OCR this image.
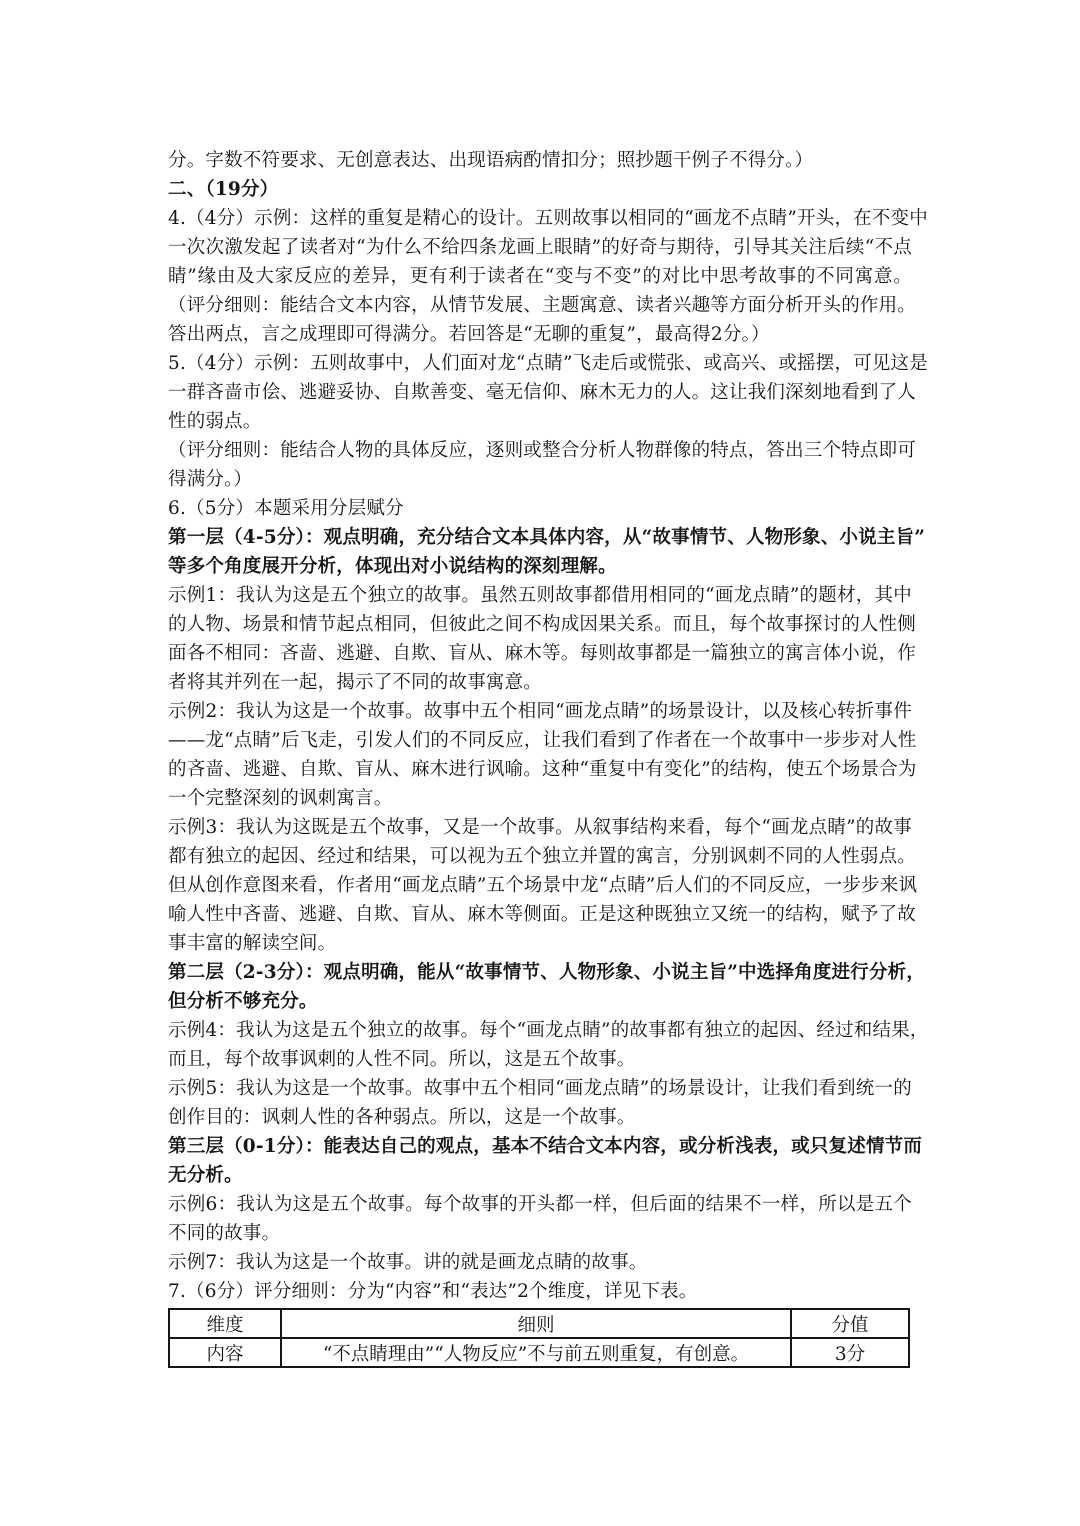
分。字数不符要求、无创意表达、出现语病酌情扣分；照抄题干例子不得分。）
二、（19分）
4.（4分）示例：这样的重复是精心的设计。五则故事以相同的“画龙不点睛”开头，在不变中
一次次激发起了读者对“为什么不给四条龙画上眼睛”的好奇与期待，引导其关注后续“不点
睛”缘由及大家反应的差异，更有利于读者在“变与不变”的对比中思考故事的不同寓意。
（评分细则：能结合文本内容，从情节发展、主题寓意、读者兴趣等方面分析开头的作用。
答出两点，言之成理即可得满分。若回答是“无聊的重复”，最高得2分。）
5.（4分）示例：五则故事中，人们面对龙“点睛”飞走后或慌张、或高兴、或摇摆，可见这是
一群吝啬市侩、逃避妥协、自欺善变、毫无信仰、麻木无力的人。这让我们深刻地看到了人
性的弱点。
（评分细则：能结合人物的具体反应，逐则或整合分析人物群像的特点，答出三个特点即可
得满分。）
6.（5分）本题采用分层赋分
第一层（4-5分）：观点明确，充分结合文本具体内容，从“故事情节、人物形象、小说主旨”
等多个角度展开分析，体现出对小说结构的深刻理解。
示例1：我认为这是五个独立的故事。虽然五则故事都借用相同的“画龙点睛”的题材，其中
的人物、场景和情节起点相同，但彼此之间不构成因果关系。而且，每个故事探讨的人性侧
面各不相同：吝啬、逃避、自欺、盲从、麻木等。每则故事都是一篇独立的寓言体小说，作
者将其并列在一起，揭示了不同的故事寓意。
示例2：我认为这是一个故事。故事中五个相同“画龙点睛”的场景设计，以及核心转折事件
——龙“点睛”后飞走，引发人们的不同反应，让我们看到了作者在一个故事中一步步对人性
的吝啬、逃避、自欺、盲从、麻木进行讽喻。这种“重复中有变化”的结构，使五个场景合为
一个完整深刻的讽刺寓言。
示例3：我认为这既是五个故事，又是一个故事。从叙事结构来看，每个“画龙点睛”的故事
都有独立的起因、经过和结果，可以视为五个独立并置的寓言，分别讽刺不同的人性弱点。
但从创作意图来看，作者用“画龙点睛”五个场景中龙“点睛”后人们的不同反应，一步步来讽
喻人性中吝啬、逃避、自欺、盲从、麻木等侧面。正是这种既独立又统一的结构，赋予了故
事丰富的解读空间。
第二层（2-3分）：观点明确，能从“故事情节、人物形象、小说主旨”中选择角度进行分析，
但分析不够充分。
示例4：我认为这是五个独立的故事。每个“画龙点睛”的故事都有独立的起因、经过和结果，
而且，每个故事讽刺的人性不同。所以，这是五个故事。
示例5：我认为这是一个故事。故事中五个相同“画龙点睛”的场景设计，让我们看到统一的
创作目的：讽刺人性的各种弱点。所以，这是一个故事。
第三层（0-1分）：能表达自己的观点，基本不结合文本内容，或分析浅表，或只复述情节而
无分析。
示例6：我认为这是五个故事。每个故事的开头都一样，但后面的结果不一样，所以是五个
不同的故事。
示例7：我认为这是一个故事。讲的就是画龙点睛的故事。
7.（6分）评分细则：分为“内容”和“表达”2个维度，详见下表。
维度	细则	分值
内容	“不点睛理由”“人物反应”不与前五则重复，有创意。	3分
